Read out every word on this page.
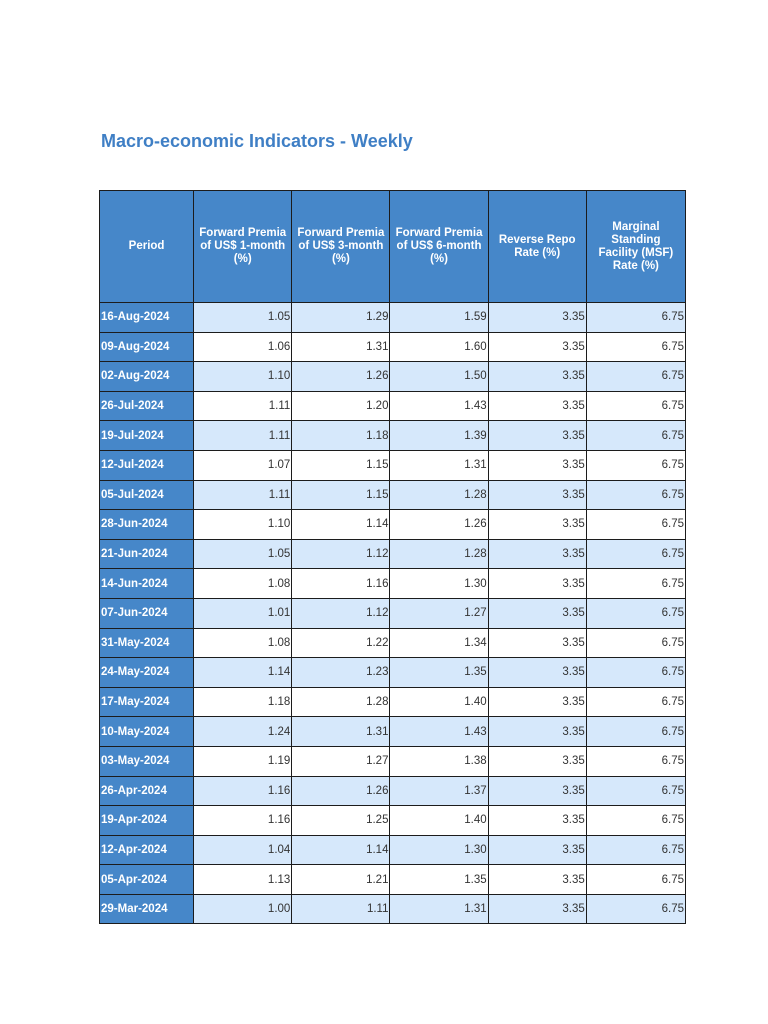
Macro-economic Indicators - Weekly
Period	Forward Premia of US$ 1-month (%)	Forward Premia of US$ 3-month (%)	Forward Premia of US$ 6-month (%)	Reverse Repo Rate (%)	Marginal Standing Facility (MSF) Rate (%)
16-Aug-2024	1.05	1.29	1.59	3.35	6.75
09-Aug-2024	1.06	1.31	1.60	3.35	6.75
02-Aug-2024	1.10	1.26	1.50	3.35	6.75
26-Jul-2024	1.11	1.20	1.43	3.35	6.75
19-Jul-2024	1.11	1.18	1.39	3.35	6.75
12-Jul-2024	1.07	1.15	1.31	3.35	6.75
05-Jul-2024	1.11	1.15	1.28	3.35	6.75
28-Jun-2024	1.10	1.14	1.26	3.35	6.75
21-Jun-2024	1.05	1.12	1.28	3.35	6.75
14-Jun-2024	1.08	1.16	1.30	3.35	6.75
07-Jun-2024	1.01	1.12	1.27	3.35	6.75
31-May-2024	1.08	1.22	1.34	3.35	6.75
24-May-2024	1.14	1.23	1.35	3.35	6.75
17-May-2024	1.18	1.28	1.40	3.35	6.75
10-May-2024	1.24	1.31	1.43	3.35	6.75
03-May-2024	1.19	1.27	1.38	3.35	6.75
26-Apr-2024	1.16	1.26	1.37	3.35	6.75
19-Apr-2024	1.16	1.25	1.40	3.35	6.75
12-Apr-2024	1.04	1.14	1.30	3.35	6.75
05-Apr-2024	1.13	1.21	1.35	3.35	6.75
29-Mar-2024	1.00	1.11	1.31	3.35	6.75
